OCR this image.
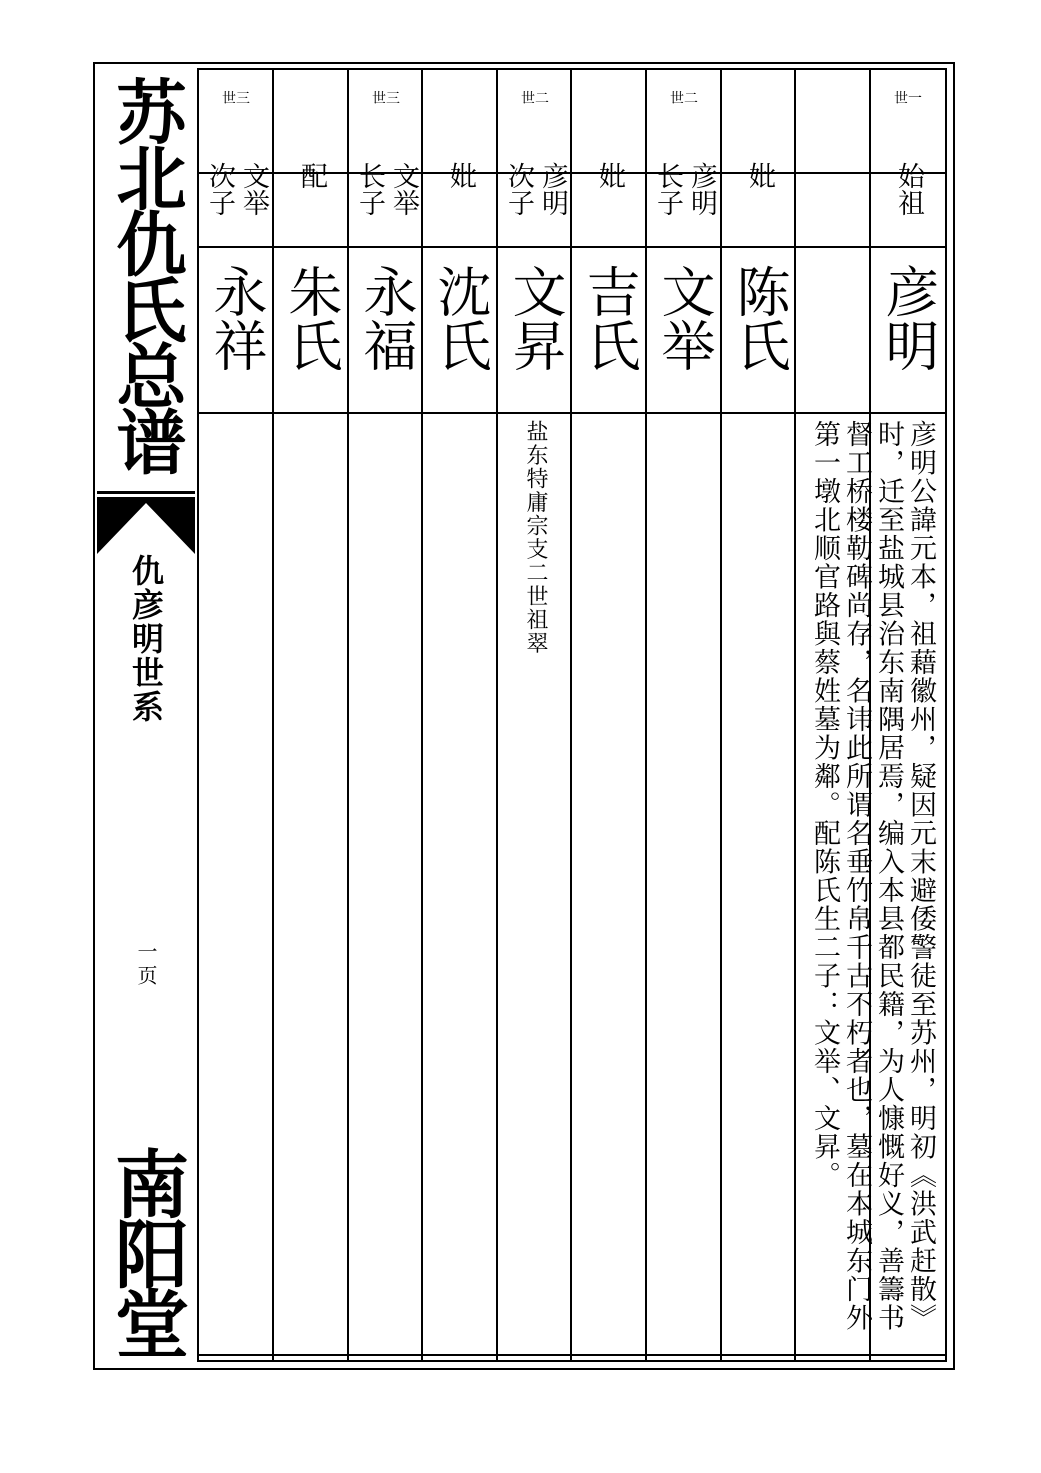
苏北仇氏总谱
仇彦明世系
一页
南阳堂
世一
始祖
彦明
妣
陈氏
世二
彦明
长子
文举
妣
吉氏
世二
彦明
次子
文昇
妣
沈氏
世三
文举
长子
永福
配
朱氏
世三
文举
次子
永祥
彦明公諱元本，祖藉徽州，疑因元末避倭警徒至苏州，明初《洪武赶散》
时，迁至盐城县治东南隅居焉，编入本县都民籍，为人慷慨好义，善籌书
督工桥楼勒碑尚存，名讳此所谓名垂竹帛千古不朽者也，墓在本城东门外
第一墩北顺官路與蔡姓墓为鄰。配陈氏生二子：文举、文昇。
盐东特庸宗支二世祖翠
